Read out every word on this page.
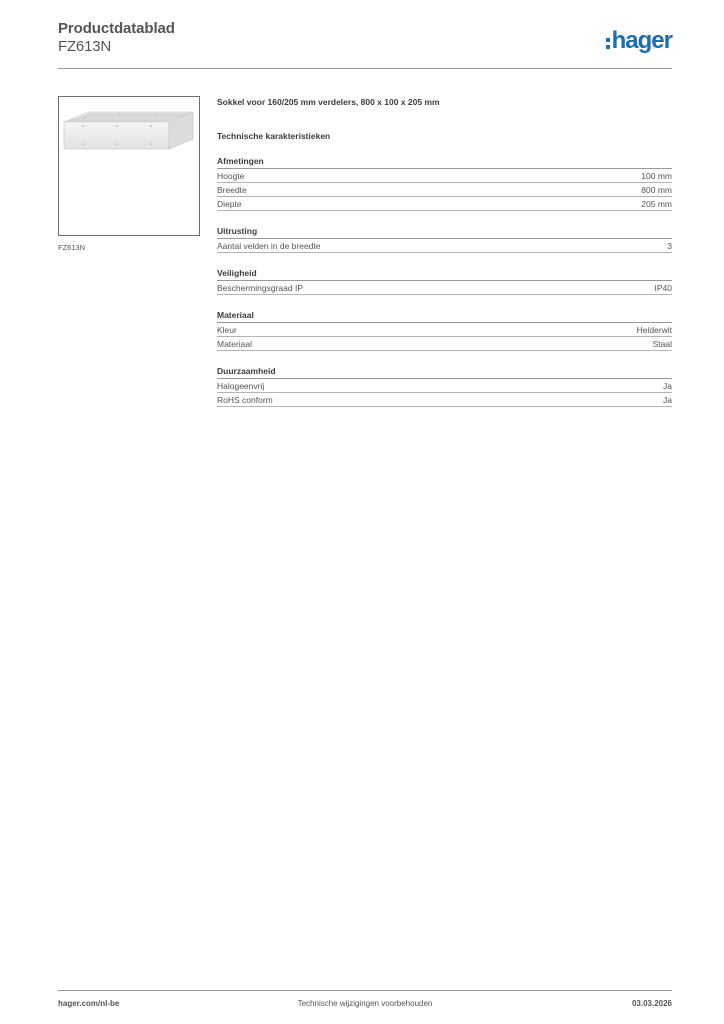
Productdatablad
FZ613N	hager
FZ613N
Sokkel voor 160/205 mm verdelers, 800 x 100 x 205 mm
Technische karakteristieken
Afmetingen
Hoogte	100 mm
Breedte	800 mm
Diepte	205 mm
Uitrusting
Aantal velden in de breedte	3
Veiligheid
Beschermingsgraad IP	IP40
Materiaal
Kleur	Helderwit
Materiaal	Staal
Duurzaamheid
Halogeenvrij	Ja
RoHS conform	Ja
hager.com/nl-be	Technische wijzigingen voorbehouden	03.03.2026
